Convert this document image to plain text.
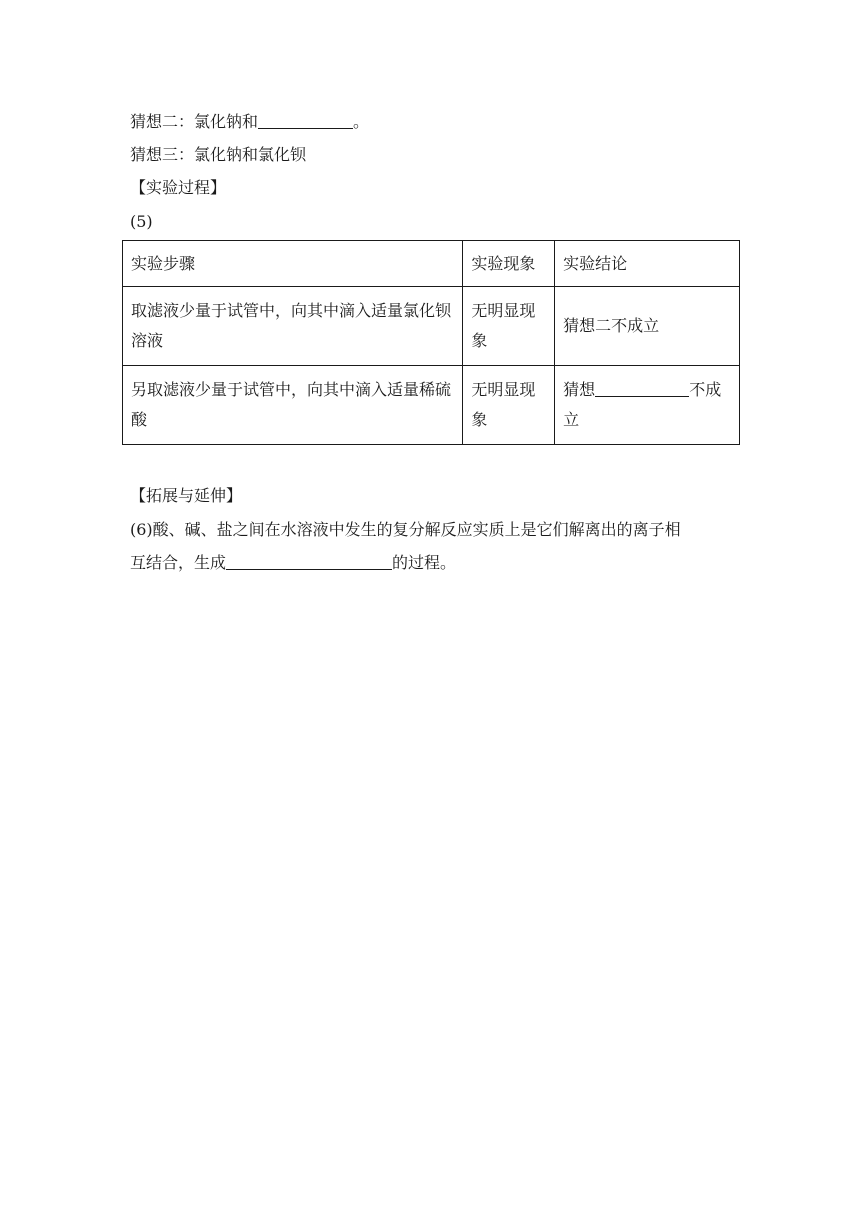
猜想二：氯化钠和	。
猜想三：氯化钠和氯化钡
【实验过程】
(5)
实验步骤	实验现象	实验结论
取滤液少量于试管中，向其中滴入适量氯化钡溶液	无明显现象	猜想二不成立
另取滤液少量于试管中，向其中滴入适量稀硫酸	无明显现象	猜想 不成立
【拓展与延伸】
(6)酸、碱、盐之间在水溶液中发生的复分解反应实质上是它们解离出的离子相
互结合，生成	的过程。
